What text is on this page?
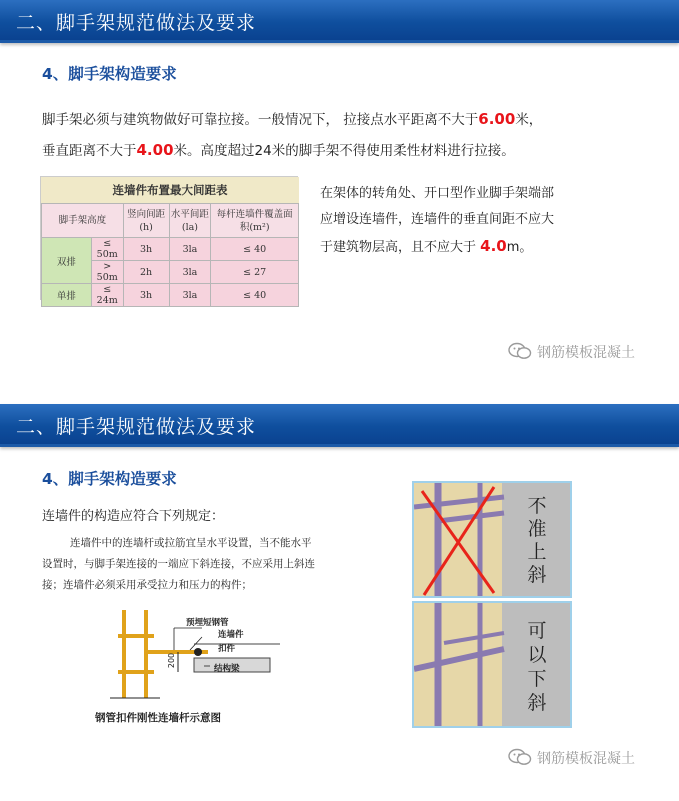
二、脚手架规范做法及要求
4、脚手架构造要求
脚手架必须与建筑物做好可靠拉接。一般情况下， 拉接点水平距离不大于6.00米，
垂直距离不大于4.00米。高度超过24米的脚手架不得使用柔性材料进行拉接。
连墙件布置最大间距表
脚手架高度		竖向间距 (h)	水平间距 (la)	每杆连墙件覆盖面积(m²)
双排	≤ 50m	3h	3la	≤ 40
	> 50m	2h	3la	≤ 27
单排	≤ 24m	3h	3la	≤ 40
在架体的转角处、开口型作业脚手架端部
应增设连墙件，连墙件的垂直间距不应大
于建筑物层高，且不应大于 4.0m。
钢筋模板混凝土
二、脚手架规范做法及要求
4、脚手架构造要求
连墙件的构造应符合下列规定：
连墙件中的连墙杆或拉筋宜呈水平设置，当不能水平
设置时，与脚手架连接的一端应下斜连接，不应采用上斜连
接；连墙件必须采用承受拉力和压力的构件；
预埋短钢管
连墙件
扣件
结构梁
200
钢管扣件刚性连墙杆示意图
不
准
上
斜
可
以
下
斜
钢筋模板混凝土
